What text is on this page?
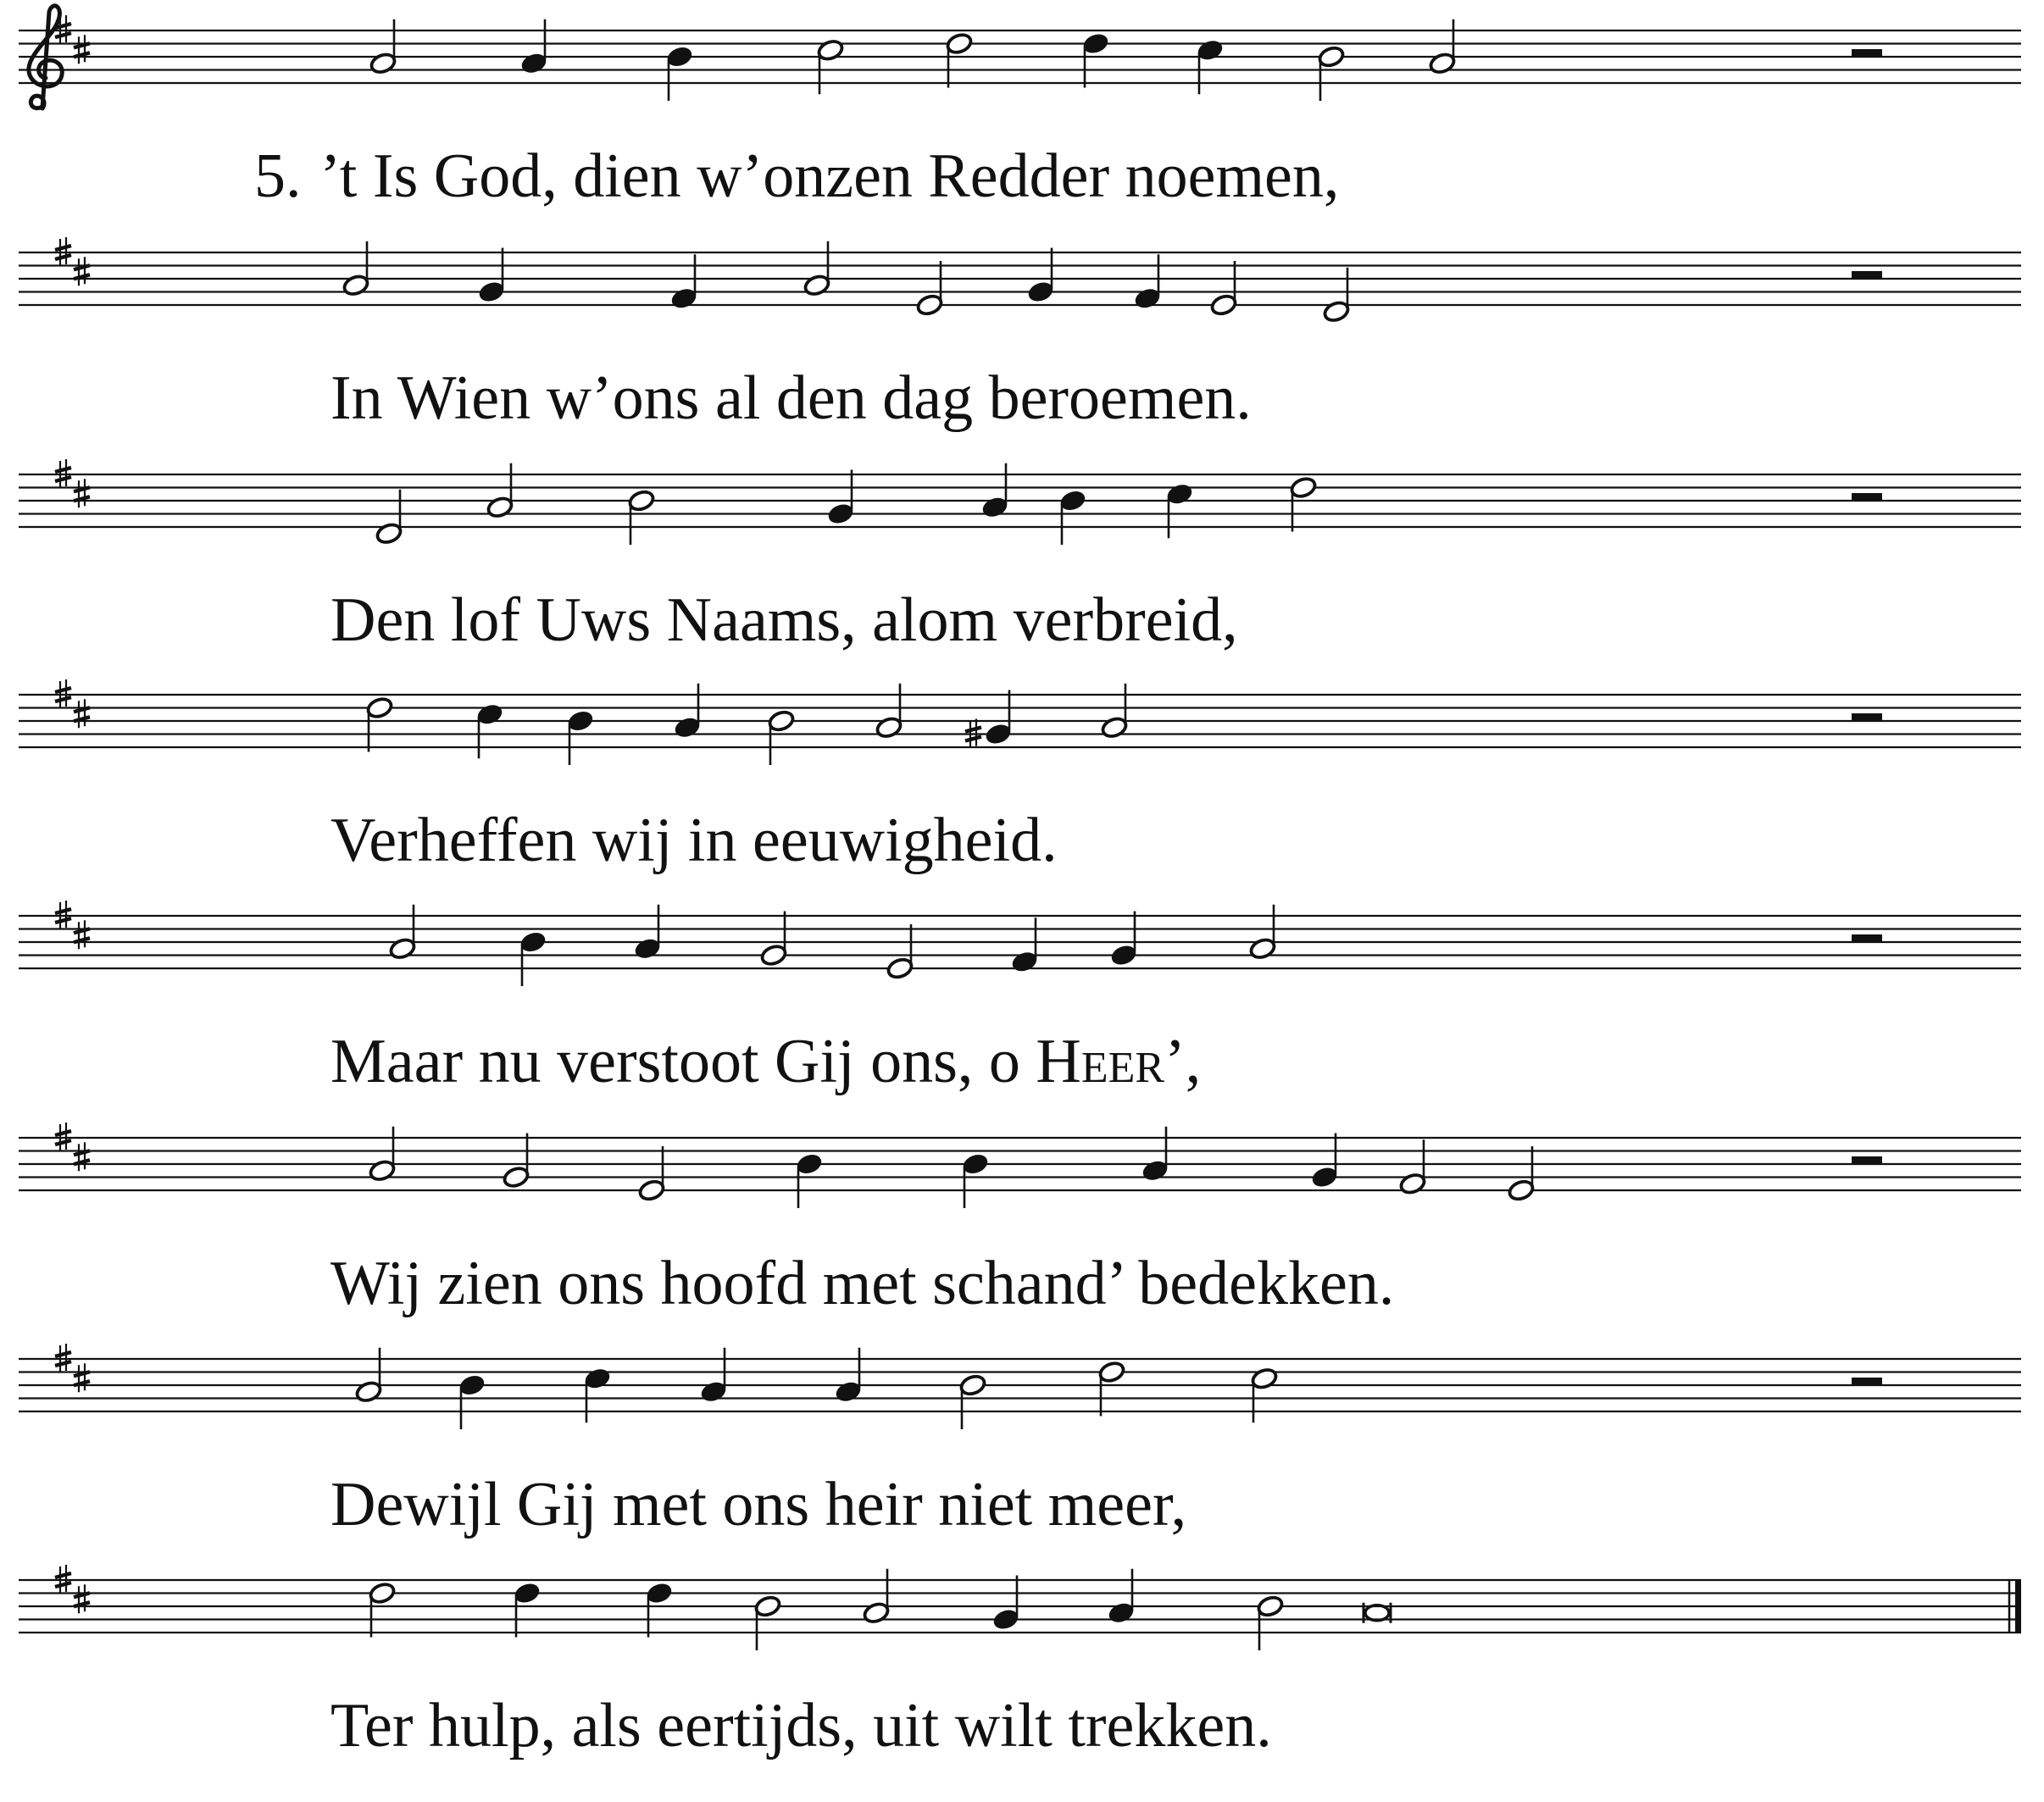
5. ’t Is God, dien w’onzen Redder noemen,
In Wien w’ons al den dag beroemen.
Den lof Uws Naams, alom verbreid,
Verheffen wij in eeuwigheid.
Maar nu verstoot Gij ons, o Heer’,
Wij zien ons hoofd met schand’ bedekken.
Dewijl Gij met ons heir niet meer,
Ter hulp, als eertijds, uit wilt trekken.
